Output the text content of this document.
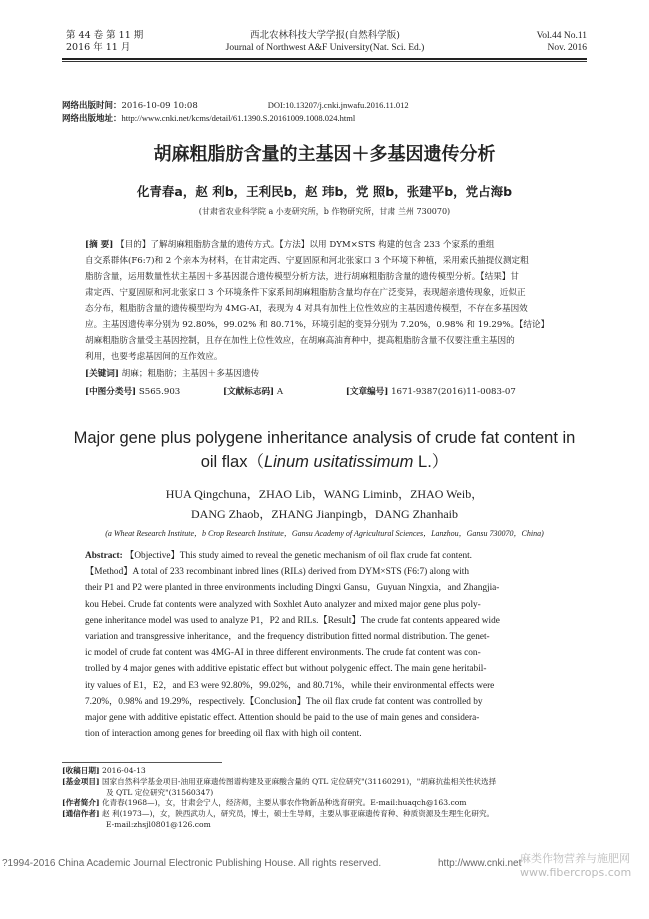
第 44 卷 第 11 期
2016 年 11 月
西北农林科技大学学报(自然科学版)
Journal of Northwest A&F University(Nat. Sci. Ed.)
Vol.44 No.11
Nov. 2016
网络出版时间：2016-10-09 10:08	DOI:10.13207/j.cnki.jnwafu.2016.11.012
网络出版地址：http://www.cnki.net/kcms/detail/61.1390.S.20161009.1008.024.html
胡麻粗脂肪含量的主基因＋多基因遗传分析
化青春a，赵 利b，王利民b，赵 玮b，党 照b，张建平b，党占海b
(甘肃省农业科学院 a 小麦研究所，b 作物研究所，甘肃 兰州 730070)
[摘 要] 【目的】了解胡麻粗脂肪含量的遗传方式。【方法】以用 DYM×STS 构建的包含 233 个家系的重组
自交系群体(F6:7)和 2 个亲本为材料，在甘肃定西、宁夏固原和河北张家口 3 个环境下种植，采用索氏抽提仪测定粗
脂肪含量，运用数量性状主基因＋多基因混合遗传模型分析方法，进行胡麻粗脂肪含量的遗传模型分析。【结果】甘
肃定西、宁夏固原和河北张家口 3 个环境条件下家系间胡麻粗脂肪含量均存在广泛变异，表现超亲遗传现象，近似正
态分布，粗脂肪含量的遗传模型均为 4MG-AI，表现为 4 对具有加性上位性效应的主基因遗传模型，不存在多基因效
应。主基因遗传率分别为 92.80%，99.02% 和 80.71%，环境引起的变异分别为 7.20%，0.98% 和 19.29%。【结论】
胡麻粗脂肪含量受主基因控制，且存在加性上位性效应，在胡麻高油育种中，提高粗脂肪含量不仅要注重主基因的
利用，也要考虑基因间的互作效应。
[关键词] 胡麻；粗脂肪；主基因＋多基因遗传
[中图分类号] S565.903	[文献标志码] A	[文章编号] 1671-9387(2016)11-0083-07
Major gene plus polygene inheritance analysis of crude fat content in
oil flax（Linum usitatissimum L.）
HUA Qingchuna，ZHAO Lib，WANG Liminb，ZHAO Weib，
DANG Zhaob，ZHANG Jianpingb，DANG Zhanhaib
(a Wheat Research Institute，b Crop Research Institute，Gansu Academy of Agricultural Sciences，Lanzhou，Gansu 730070，China)
Abstract: 【Objective】This study aimed to reveal the genetic mechanism of oil flax crude fat content.
【Method】A total of 233 recombinant inbred lines (RILs) derived from DYM×STS (F6:7) along with
their P1 and P2 were planted in three environments including Dingxi Gansu，Guyuan Ningxia，and Zhangjia-
kou Hebei. Crude fat contents were analyzed with Soxhlet Auto analyzer and mixed major gene plus poly-
gene inheritance model was used to analyze P1，P2 and RILs.【Result】The crude fat contents appeared wide
variation and transgressive inheritance，and the frequency distribution fitted normal distribution. The genet-
ic model of crude fat content was 4MG-AI in three different environments. The crude fat content was con-
trolled by 4 major genes with additive epistatic effect but without polygenic effect. The main gene heritabil-
ity values of E1，E2，and E3 were 92.80%，99.02%，and 80.71%，while their environmental effects were
7.20%，0.98% and 19.29%，respectively.【Conclusion】The oil flax crude fat content was controlled by
major gene with additive epistatic effect. Attention should be paid to the use of main genes and considera-
tion of interaction among genes for breeding oil flax with high oil content.
[收稿日期] 2016-04-13
[基金项目] 国家自然科学基金项目-油用亚麻遗传图谱构建及亚麻酸含量的 QTL 定位研究"(31160291)，"胡麻抗盐相关性状选择
及 QTL 定位研究"(31560347)
[作者简介] 化青春(1968—)，女，甘肃会宁人，经济师，主要从事农作物新品种选育研究。E-mail:huaqch@163.com
[通信作者] 赵 利(1973—)，女，陕西武功人，研究员，博士，硕士生导师，主要从事亚麻遗传育种、种质资源及生理生化研究。
E-mail:zhsjl0801@126.com
?1994-2016 China Academic Journal Electronic Publishing House. All rights reserved.	http://www.cnki.net
麻类作物营养与施肥网
www.fibercrops.com
